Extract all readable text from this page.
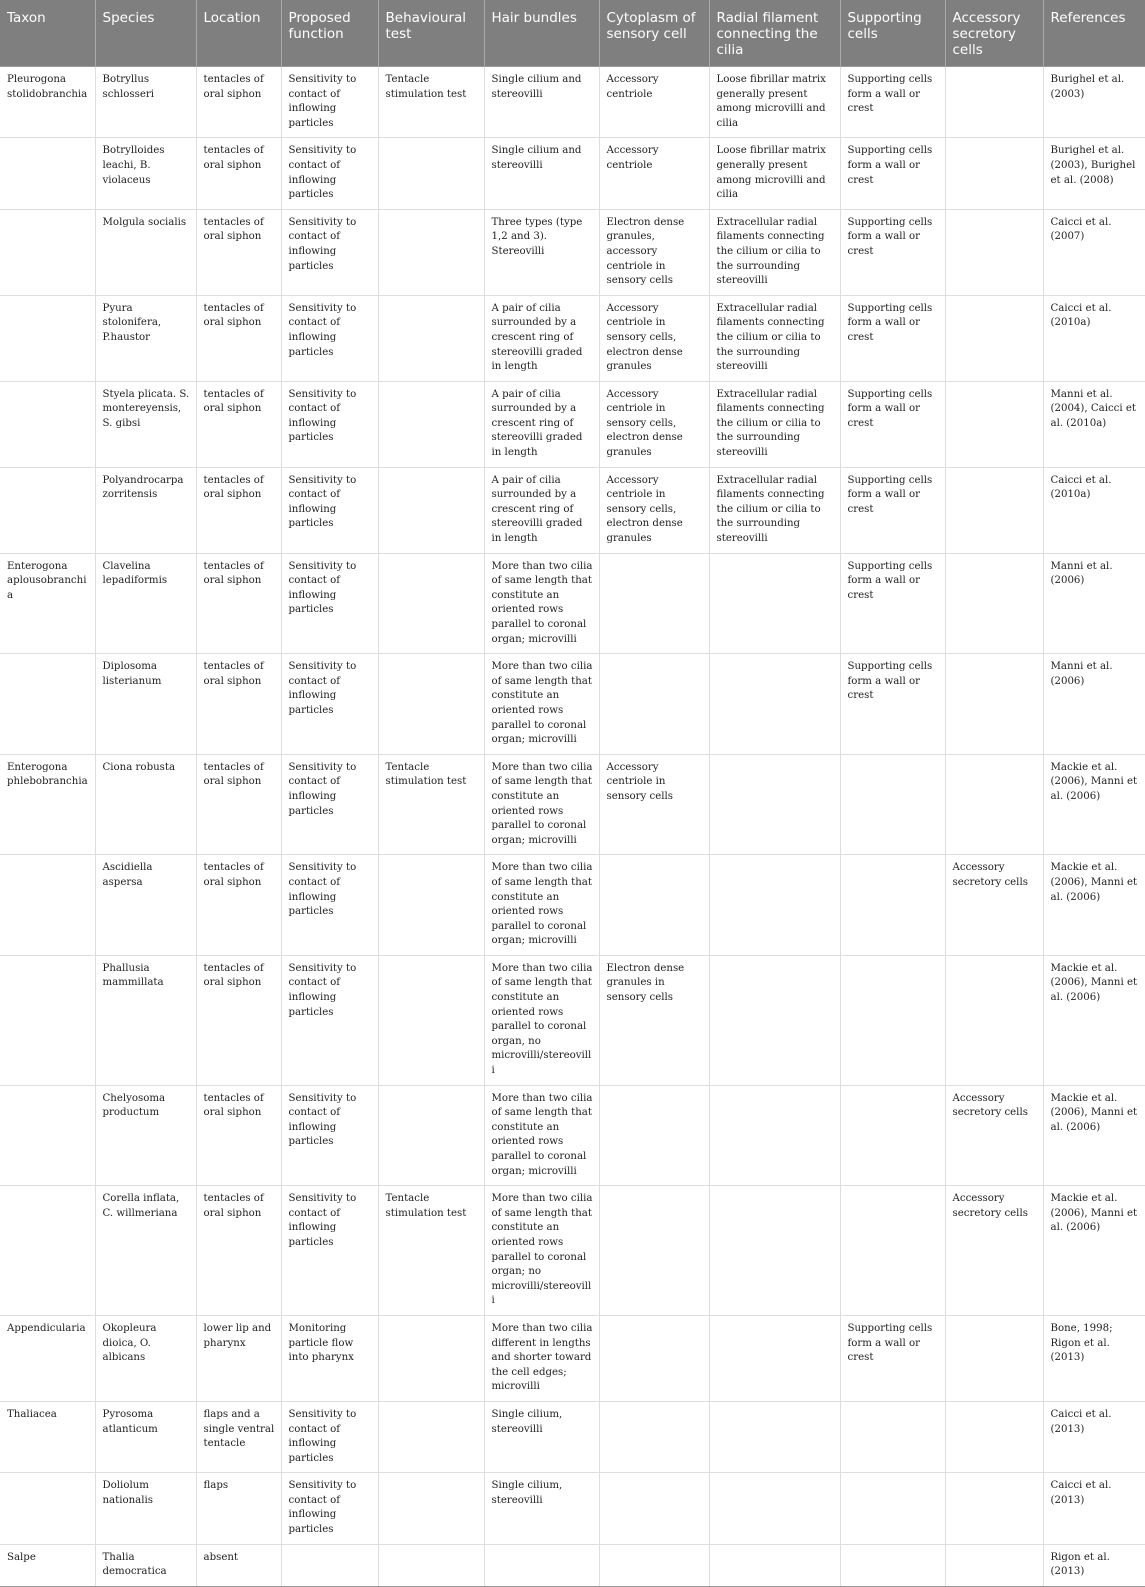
Taxon	Species	Location	Proposed function	Behavioural test	Hair bundles	Cytoplasm of sensory cell	Radial filament connecting the cilia	Supporting cells	Accessory secretory cells	References
Pleurogona stolidobranchia	Botryllus schlosseri	tentacles of oral siphon	Sensitivity to contact of inflowing particles	Tentacle stimulation test	Single cilium and stereovilli	Accessory centriole	Loose fibrillar matrix generally present among microvilli and cilia	Supporting cells form a wall or crest		Burighel et al. (2003)
	Botrylloides leachi, B. violaceus	tentacles of oral siphon	Sensitivity to contact of inflowing particles		Single cilium and stereovilli	Accessory centriole	Loose fibrillar matrix generally present among microvilli and cilia	Supporting cells form a wall or crest		Burighel et al. (2003), Burighel et al. (2008)
	Molgula socialis	tentacles of oral siphon	Sensitivity to contact of inflowing particles		Three types (type 1,2 and 3). Stereovilli	Electron dense granules, accessory centriole in sensory cells	Extracellular radial filaments connecting the cilium or cilia to the surrounding stereovilli	Supporting cells form a wall or crest		Caicci et al. (2007)
	Pyura stolonifera, P.haustor	tentacles of oral siphon	Sensitivity to contact of inflowing particles		A pair of cilia surrounded by a crescent ring of stereovilli graded in length	Accessory centriole in sensory cells, electron dense granules	Extracellular radial filaments connecting the cilium or cilia to the surrounding stereovilli	Supporting cells form a wall or crest		Caicci et al. (2010a)
	Styela plicata. S. montereyensis, S. gibsi	tentacles of oral siphon	Sensitivity to contact of inflowing particles		A pair of cilia surrounded by a crescent ring of stereovilli graded in length	Accessory centriole in sensory cells, electron dense granules	Extracellular radial filaments connecting the cilium or cilia to the surrounding stereovilli	Supporting cells form a wall or crest		Manni et al. (2004), Caicci et al. (2010a)
	Polyandrocarpa zorritensis	tentacles of oral siphon	Sensitivity to contact of inflowing particles		A pair of cilia surrounded by a crescent ring of stereovilli graded in length	Accessory centriole in sensory cells, electron dense granules	Extracellular radial filaments connecting the cilium or cilia to the surrounding stereovilli	Supporting cells form a wall or crest		Caicci et al. (2010a)
Enterogona aplousobranchia	Clavelina lepadiformis	tentacles of oral siphon	Sensitivity to contact of inflowing particles		More than two cilia of same length that constitute an oriented rows parallel to coronal organ; microvilli			Supporting cells form a wall or crest		Manni et al. (2006)
	Diplosoma listerianum	tentacles of oral siphon	Sensitivity to contact of inflowing particles		More than two cilia of same length that constitute an oriented rows parallel to coronal organ; microvilli			Supporting cells form a wall or crest		Manni et al. (2006)
Enterogona phlebobranchia	Ciona robusta	tentacles of oral siphon	Sensitivity to contact of inflowing particles	Tentacle stimulation test	More than two cilia of same length that constitute an oriented rows parallel to coronal organ; microvilli	Accessory centriole in sensory cells				Mackie et al. (2006), Manni et al. (2006)
	Ascidiella aspersa	tentacles of oral siphon	Sensitivity to contact of inflowing particles		More than two cilia of same length that constitute an oriented rows parallel to coronal organ; microvilli				Accessory secretory cells	Mackie et al. (2006), Manni et al. (2006)
	Phallusia mammillata	tentacles of oral siphon	Sensitivity to contact of inflowing particles		More than two cilia of same length that constitute an oriented rows parallel to coronal organ, no microvilli/stereovilli	Electron dense granules in sensory cells				Mackie et al. (2006), Manni et al. (2006)
	Chelyosoma productum	tentacles of oral siphon	Sensitivity to contact of inflowing particles		More than two cilia of same length that constitute an oriented rows parallel to coronal organ; microvilli				Accessory secretory cells	Mackie et al. (2006), Manni et al. (2006)
	Corella inflata, C. willmeriana	tentacles of oral siphon	Sensitivity to contact of inflowing particles	Tentacle stimulation test	More than two cilia of same length that constitute an oriented rows parallel to coronal organ; no microvilli/stereovilli				Accessory secretory cells	Mackie et al. (2006), Manni et al. (2006)
Appendicularia	Okopleura dioica, O. albicans	lower lip and pharynx	Monitoring particle flow into pharynx		More than two cilia different in lengths and shorter toward the cell edges; microvilli			Supporting cells form a wall or crest		Bone, 1998; Rigon et al. (2013)
Thaliacea	Pyrosoma atlanticum	flaps and a single ventral tentacle	Sensitivity to contact of inflowing particles		Single cilium, stereovilli					Caicci et al. (2013)
	Doliolum nationalis	flaps	Sensitivity to contact of inflowing particles		Single cilium, stereovilli					Caicci et al. (2013)
Salpe	Thalia democratica	absent								Rigon et al. (2013)
